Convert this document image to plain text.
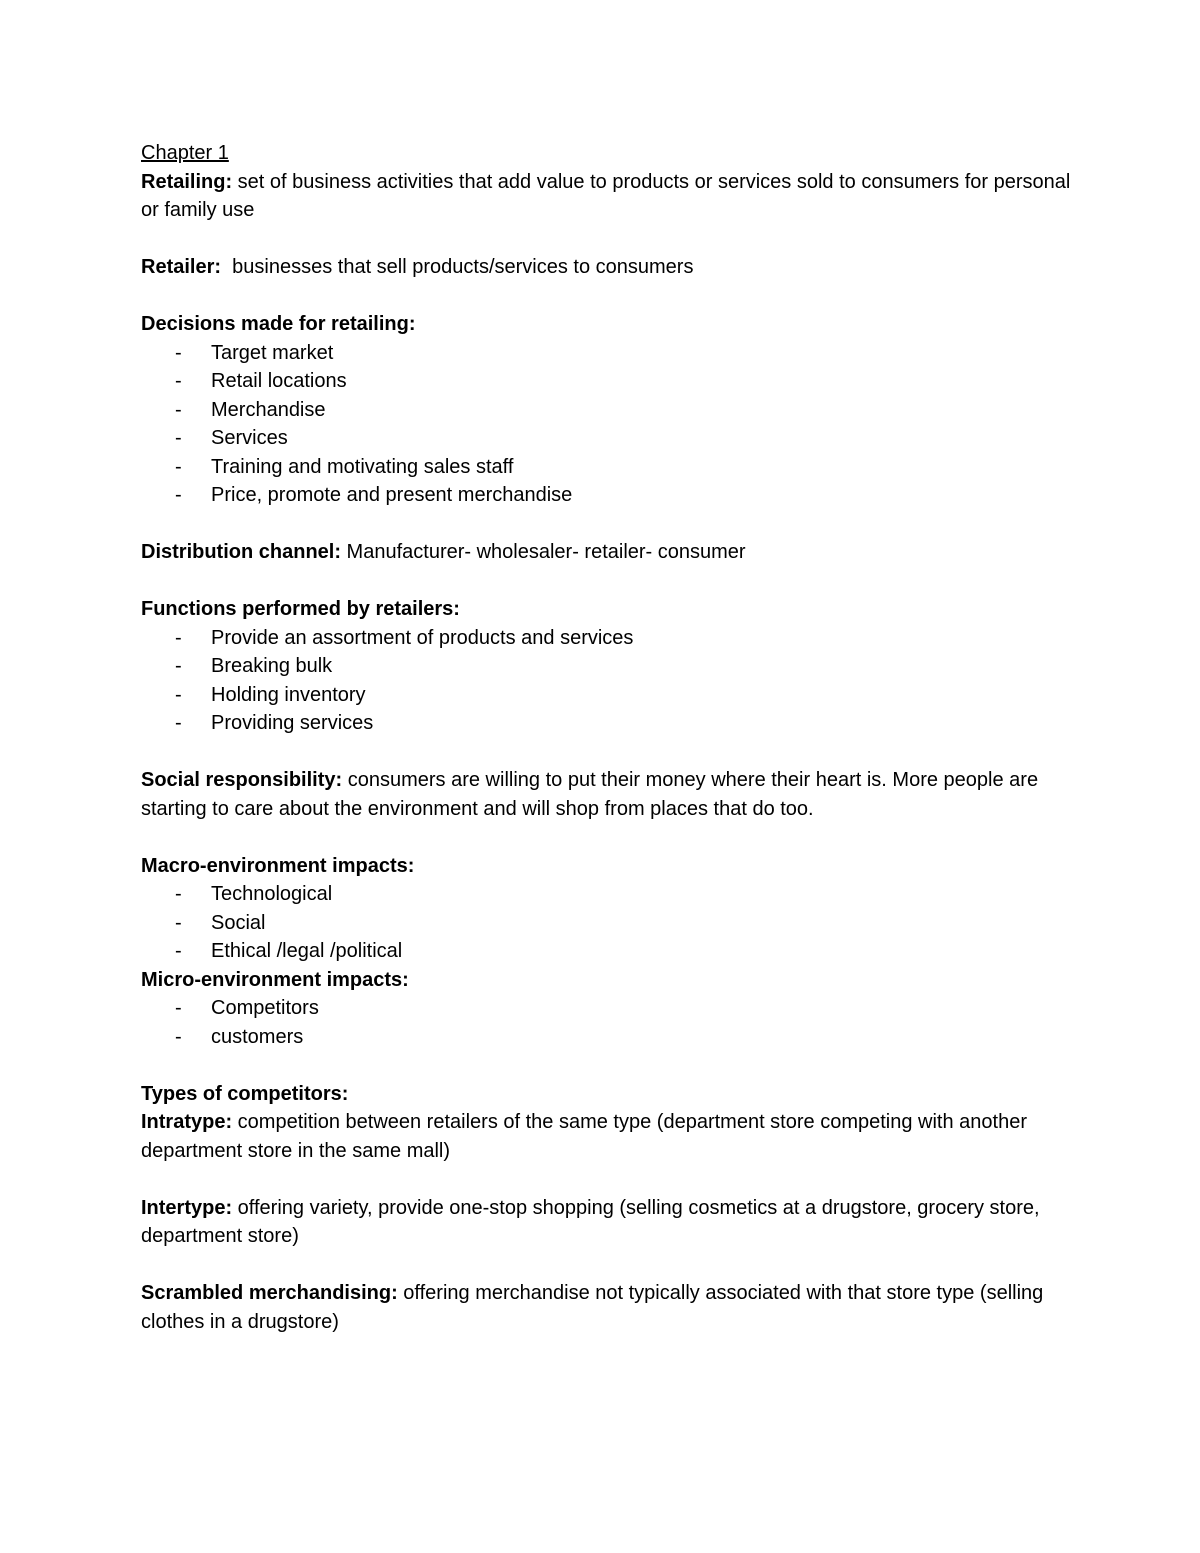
Chapter 1

Retailing: set of business activities that add value to products or services sold to consumers for personal or family use

Retailer:  businesses that sell products/services to consumers

Decisions made for retailing:

- Target market
- Retail locations
- Merchandise
- Services
- Training and motivating sales staff
- Price, promote and present merchandise

Distribution channel: Manufacturer- wholesaler- retailer- consumer

Functions performed by retailers:

- Provide an assortment of products and services
- Breaking bulk
- Holding inventory
- Providing services

Social responsibility: consumers are willing to put their money where their heart is. More people are starting to care about the environment and will shop from places that do too.

Macro-environment impacts:

- Technological
- Social
- Ethical /legal /political

Micro-environment impacts:

- Competitors
- customers

Types of competitors:

Intratype: competition between retailers of the same type (department store competing with another department store in the same mall)

Intertype: offering variety, provide one-stop shopping (selling cosmetics at a drugstore, grocery store, department store)

Scrambled merchandising: offering merchandise not typically associated with that store type (selling clothes in a drugstore)
